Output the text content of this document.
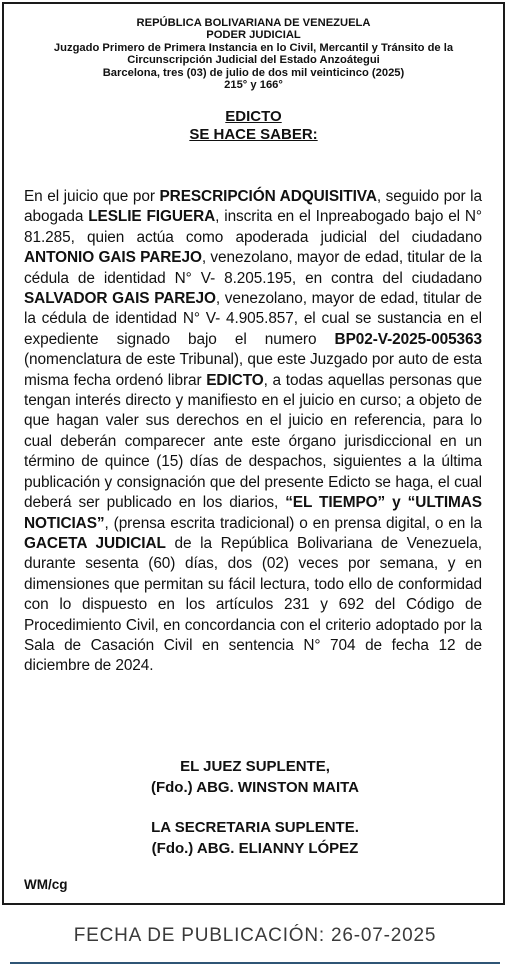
REPÚBLICA BOLIVARIANA DE VENEZUELA
PODER JUDICIAL
Juzgado Primero de Primera Instancia en lo Civil, Mercantil y Tránsito de la
Circunscripción Judicial del Estado Anzoátegui
Barcelona, tres (03) de julio de dos mil veinticinco (2025)
215° y 166°
EDICTO
SE HACE SABER:

En el juicio que por PRESCRIPCIÓN ADQUISITIVA, seguido por la abogada LESLIE FIGUERA, inscrita en el Inpreabogado bajo el N° 81.285, quien actúa como apoderada judicial del ciudadano ANTONIO GAIS PAREJO, venezolano, mayor de edad, titular de la cédula de identidad N° V- 8.205.195, en contra del ciudadano SALVADOR GAIS PAREJO, venezolano, mayor de edad, titular de la cédula de identidad N° V- 4.905.857, el cual se sustancia en el expediente signado bajo el numero BP02-V-2025-005363 (nomenclatura de este Tribunal), que este Juzgado por auto de esta misma fecha ordenó librar EDICTO, a todas aquellas personas que tengan interés directo y manifiesto en el juicio en curso; a objeto de que hagan valer sus derechos en el juicio en referencia, para lo cual deberán comparecer ante este órgano jurisdiccional en un término de quince (15) días de despachos, siguientes a la última publicación y consignación que del presente Edicto se haga, el cual deberá ser publicado en los diarios, “EL TIEMPO” y “ULTIMAS NOTICIAS”, (prensa escrita tradicional) o en prensa digital, o en la GACETA JUDICIAL de la República Bolivariana de Venezuela, durante sesenta (60) días, dos (02) veces por semana, y en dimensiones que permitan su fácil lectura, todo ello de conformidad con lo dispuesto en los artículos 231 y 692 del Código de Procedimiento Civil, en concordancia con el criterio adoptado por la Sala de Casación Civil en sentencia N° 704 de fecha 12 de diciembre de 2024.

EL JUEZ SUPLENTE,
(Fdo.) ABG. WINSTON MAITA
LA SECRETARIA SUPLENTE.
(Fdo.) ABG. ELIANNY LÓPEZ
WM/cg
FECHA DE PUBLICACIÓN: 26-07-2025
